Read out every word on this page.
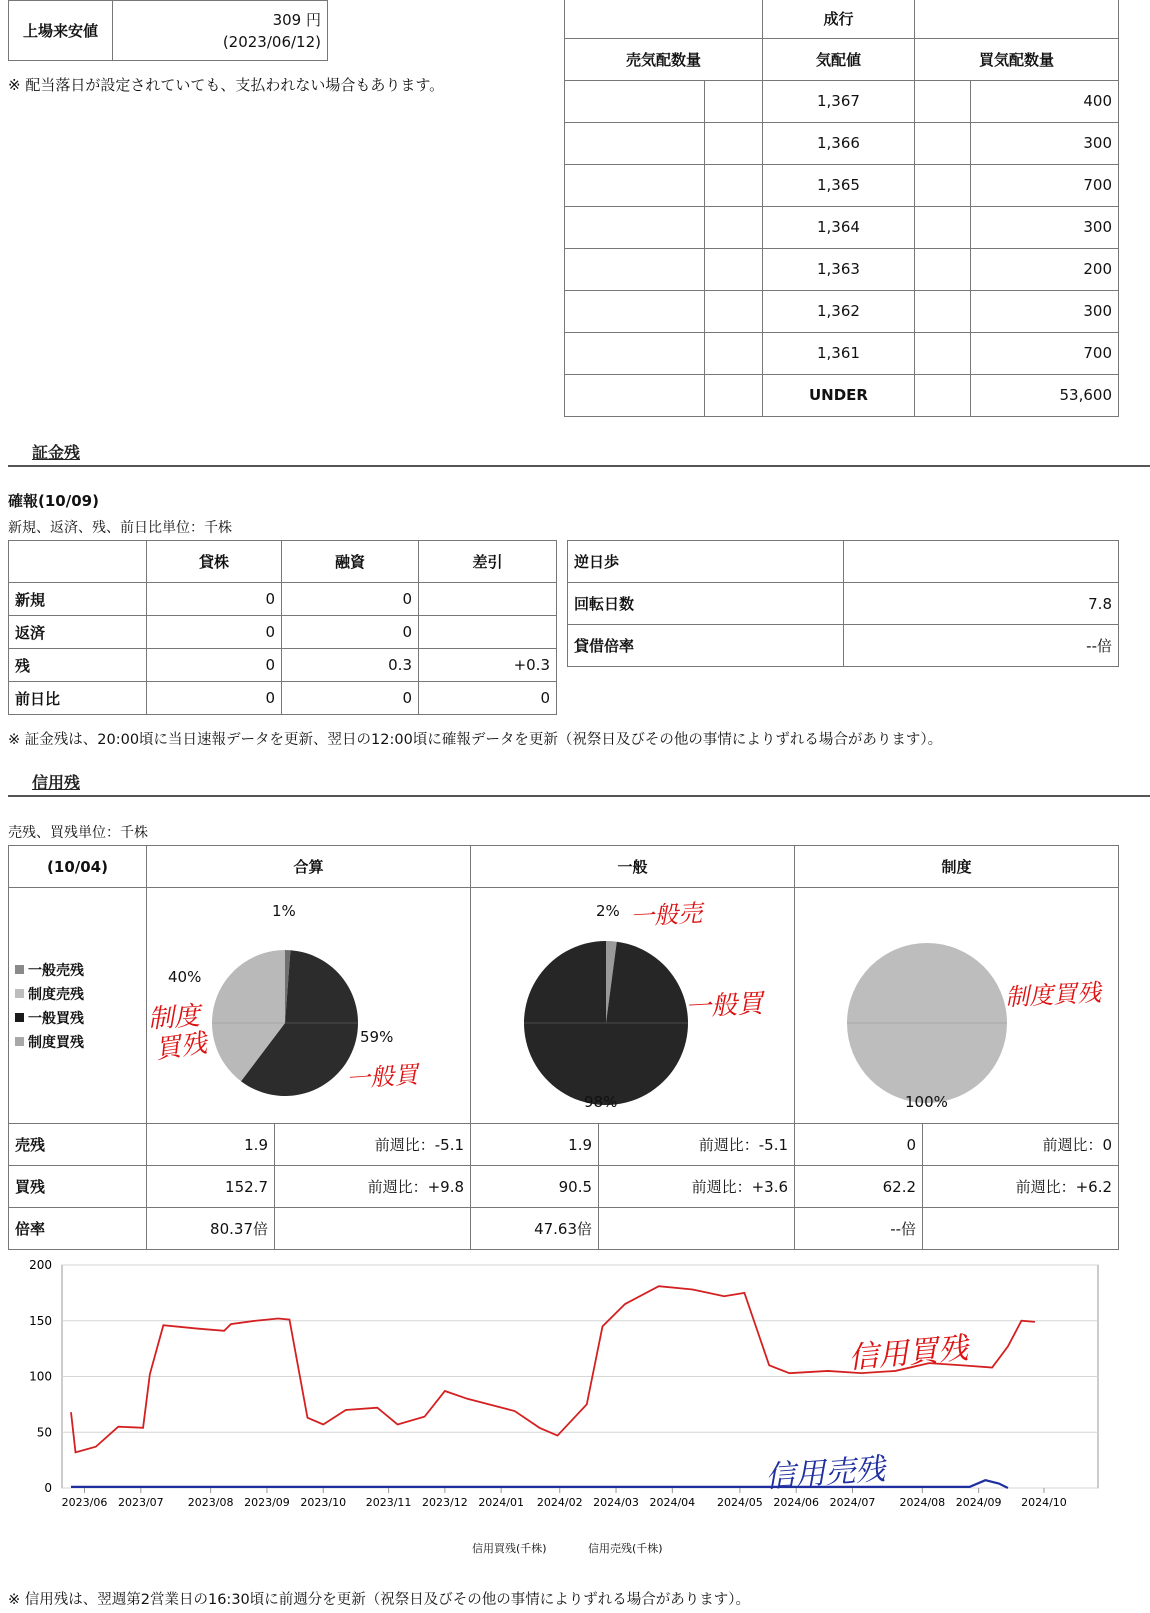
上場来安値	
309 円
(2023/06/12)
※ 配当落日が設定されていても、支払われない場合もあります。
		成行		
売気配数量		気配値	買気配数量	
		1,367		400
		1,366		300
		1,365		700
		1,364		300
		1,363		200
		1,362		300
		1,361		700
		UNDER		53,600
証金残
確報(10/09)
新規、返済、残、前日比単位：千株
	貸株	融資	差引
新規	0	0	
返済	0	0	
残	0	0.3	+0.3
前日比	0	0	0
逆日歩	
回転日数	7.8
貸借倍率	--倍
※ 証金残は、20:00頃に当日速報データを更新、翌日の12:00頃に確報データを更新（祝祭日及びその他の事情によりずれる場合があります）。
信用残
売残、買残単位：千株
(10/04)	合算		一般		制度	

一般売残
制度売残
一般買残
制度買残						

売残	1.9	前週比：-5.1	1.9	前週比：-5.1	0	前週比：0
買残	152.7	前週比：+9.8	90.5	前週比：+3.6	62.2	前週比：+6.2
倍率	80.37倍		47.63倍		--倍	
1%
40%
59%
2%
98%	100%
制度
買残
一般買
一般売
一般買	制度買残
200
150
100
50
0
2023/06 2023/07 2023/08 2023/09 2023/10 2023/11 2023/12 2024/01 2024/02 2024/03 2024/04 2024/05 2024/06 2024/07 2024/08 2024/09 2024/10
信用買残(千株)	信用売残(千株)
信用買残
信用売残
※ 信用残は、翌週第2営業日の16:30頃に前週分を更新（祝祭日及びその他の事情によりずれる場合があります）。
